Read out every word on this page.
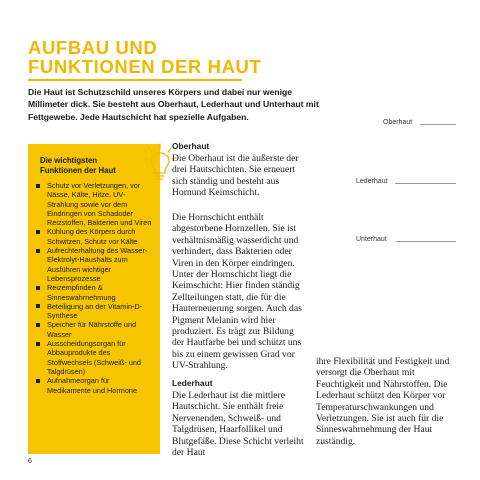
AUFBAU UND
FUNKTIONEN DER HAUT

Die Haut ist Schutzschild unseres Körpers und dabei nur wenige Millimeter dick. Sie besteht aus Oberhaut, Lederhaut und Unterhaut mit Fettgewebe. Jede Hautschicht hat spezielle Aufgaben.

Die wichtigsten
Funktionen der Haut

Schutz vor Verletzungen, vor Nässe, Kälte, Hitze, UV-Strahlung sowie vor dem Eindringen von Schadoder Reizstoffen, Bakterien und Viren
Kühlung des Körpers durch Schwitzen, Schutz vor Kälte
Aufrechterhaltung des Wasser-Elektrolyt-Haushalts zum Ausführen wichtiger Lebensprozesse
Reizempfinden & Sinneswahrnehmung
Beteiligung an der Vitamin-D-Synthese
Speicher für Nährstoffe und Wasser
Ausscheidungsorgan für Abbauprodukte des Stoffwechsels (Schweiß- und Talgdrüsen)
Aufnahmeorgan für Medikamente und Hormone
Oberhaut

Die Oberhaut ist die äußerste der drei Hautschichten. Sie erneuert sich ständig und besteht aus Hornund Keimschicht.

Die Hornschicht enthält abgestorbene Hornzellen. Sie ist verhältnismäßig wasserdicht und verhindert, dass Bakterien oder Viren in den Körper eindringen. Unter der Hornschicht liegt die Keimschicht: Hier finden ständig Zellteilungen statt, die für die Hauterneuerung sorgen. Auch das Pigment Melanin wird hier produziert. Es trägt zur Bildung der Hautfarbe bei und schützt uns bis zu einem gewissen Grad vor UV-Strahlung.

Lederhaut

Die Lederhaut ist die mittlere Hautschicht. Sie enthält freie Nervenenden, Schweiß- und Talgdrüsen, Haarfollikel und Blutgefäße. Diese Schicht verleiht der Haut

ihre Flexibilität und Festigkeit und versorgt die Oberhaut mit Feuchtigkeit und Nährstoffen. Die Lederhaut schützt den Körper vor Temperaturschwankungen und Verletzungen. Sie ist auch für die Sinneswahrnehmung der Haut zuständig.

Oberhaut
Lederhaut
Unterhaut
6
